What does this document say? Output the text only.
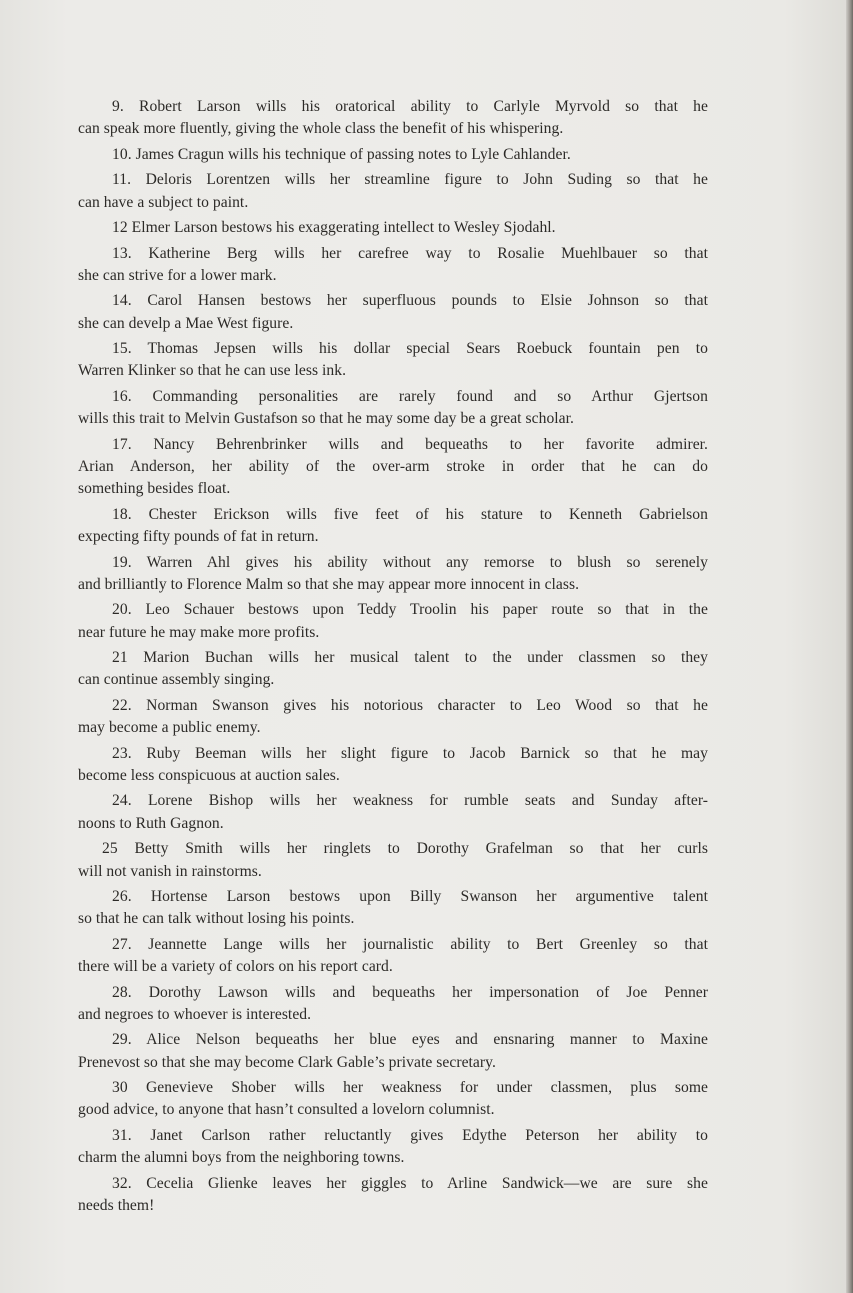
9. Robert Larson wills his oratorical ability to Carlyle Myrvold so that he
can speak more fluently, giving the whole class the benefit of his whispering.
10. James Cragun wills his technique of passing notes to Lyle Cahlander.
11. Deloris Lorentzen wills her streamline figure to John Suding so that he
can have a subject to paint.
12 Elmer Larson bestows his exaggerating intellect to Wesley Sjodahl.
13. Katherine Berg wills her carefree way to Rosalie Muehlbauer so that
she can strive for a lower mark.
14. Carol Hansen bestows her superfluous pounds to Elsie Johnson so that
she can develp a Mae West figure.
15. Thomas Jepsen wills his dollar special Sears Roebuck fountain pen to
Warren Klinker so that he can use less ink.
16. Commanding personalities are rarely found and so Arthur Gjertson
wills this trait to Melvin Gustafson so that he may some day be a great scholar.
17. Nancy Behrenbrinker wills and bequeaths to her favorite admirer.
Arian Anderson, her ability of the over-arm stroke in order that he can do
something besides float.
18. Chester Erickson wills five feet of his stature to Kenneth Gabrielson
expecting fifty pounds of fat in return.
19. Warren Ahl gives his ability without any remorse to blush so serenely
and brilliantly to Florence Malm so that she may appear more innocent in class.
20. Leo Schauer bestows upon Teddy Troolin his paper route so that in the
near future he may make more profits.
21 Marion Buchan wills her musical talent to the under classmen so they
can continue assembly singing.
22. Norman Swanson gives his notorious character to Leo Wood so that he
may become a public enemy.
23. Ruby Beeman wills her slight figure to Jacob Barnick so that he may
become less conspicuous at auction sales.
24. Lorene Bishop wills her weakness for rumble seats and Sunday after-
noons to Ruth Gagnon.
25 Betty Smith wills her ringlets to Dorothy Grafelman so that her curls
will not vanish in rainstorms.
26. Hortense Larson bestows upon Billy Swanson her argumentive talent
so that he can talk without losing his points.
27. Jeannette Lange wills her journalistic ability to Bert Greenley so that
there will be a variety of colors on his report card.
28. Dorothy Lawson wills and bequeaths her impersonation of Joe Penner
and negroes to whoever is interested.
29. Alice Nelson bequeaths her blue eyes and ensnaring manner to Maxine
Prenevost so that she may become Clark Gable’s private secretary.
30 Genevieve Shober wills her weakness for under classmen, plus some
good advice, to anyone that hasn’t consulted a lovelorn columnist.
31. Janet Carlson rather reluctantly gives Edythe Peterson her ability to
charm the alumni boys from the neighboring towns.
32. Cecelia Glienke leaves her giggles to Arline Sandwick—we are sure she
needs them!
